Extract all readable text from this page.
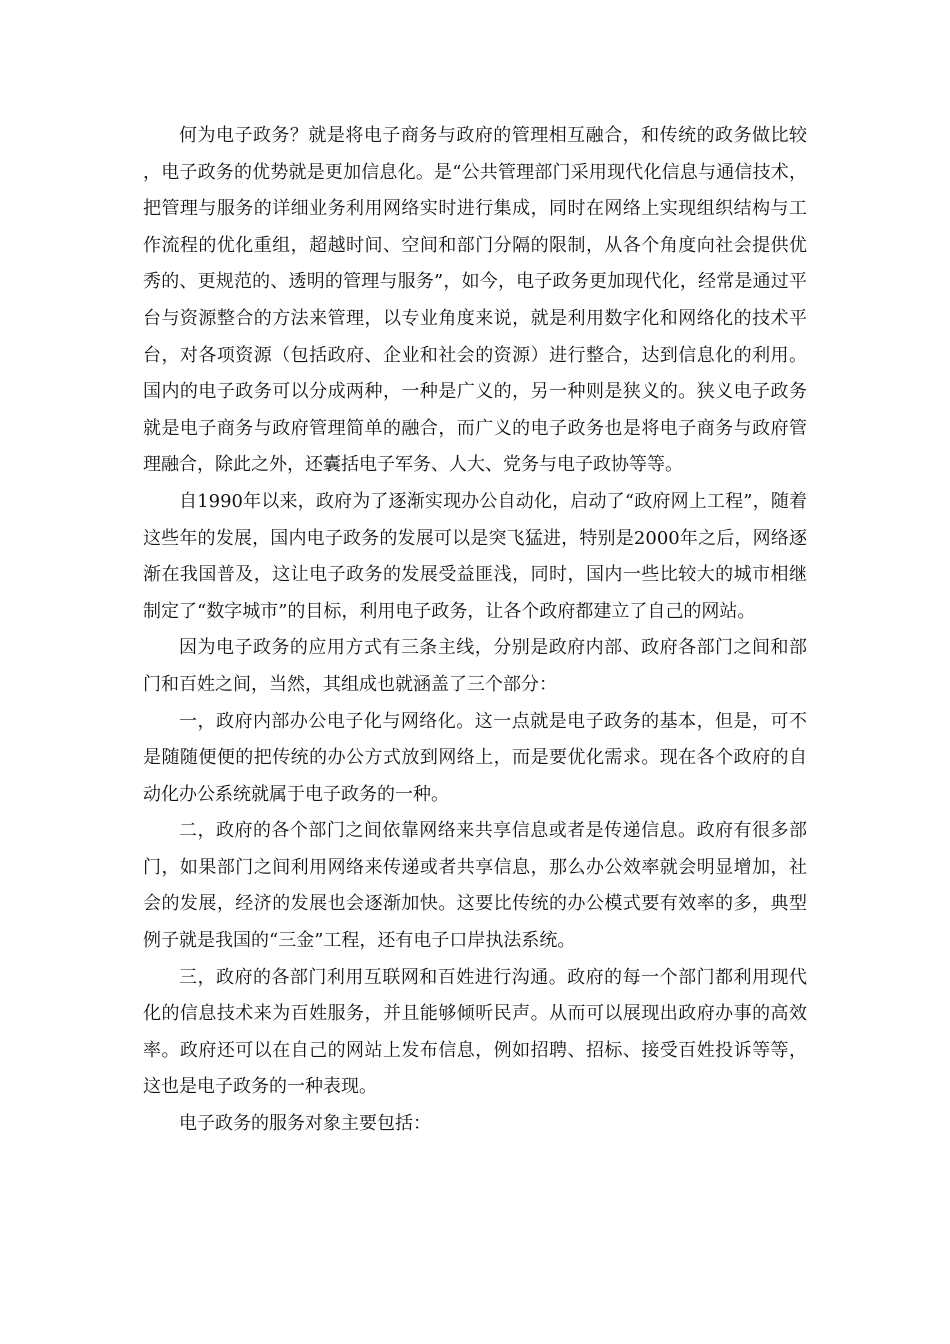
何为电子政务？就是将电子商务与政府的管理相互融合，和传统的政务做比较，电子政务的优势就是更加信息化。是“公共管理部门采用现代化信息与通信技术，把管理与服务的详细业务利用网络实时进行集成，同时在网络上实现组织结构与工作流程的优化重组，超越时间、空间和部门分隔的限制，从各个角度向社会提供优秀的、更规范的、透明的管理与服务”，如今，电子政务更加现代化，经常是通过平台与资源整合的方法来管理，以专业角度来说，就是利用数字化和网络化的技术平台，对各项资源（包括政府、企业和社会的资源）进行整合，达到信息化的利用。国内的电子政务可以分成两种，一种是广义的，另一种则是狭义的。狭义电子政务就是电子商务与政府管理简单的融合，而广义的电子政务也是将电子商务与政府管理融合，除此之外，还囊括电子军务、人大、党务与电子政协等等。

自1990年以来，政府为了逐渐实现办公自动化，启动了“政府网上工程”，随着这些年的发展，国内电子政务的发展可以是突飞猛进，特别是2000年之后，网络逐渐在我国普及，这让电子政务的发展受益匪浅，同时，国内一些比较大的城市相继制定了“数字城市”的目标，利用电子政务，让各个政府都建立了自己的网站。

因为电子政务的应用方式有三条主线，分别是政府内部、政府各部门之间和部门和百姓之间，当然，其组成也就涵盖了三个部分：

一，政府内部办公电子化与网络化。这一点就是电子政务的基本，但是，可不是随随便便的把传统的办公方式放到网络上，而是要优化需求。现在各个政府的自动化办公系统就属于电子政务的一种。

二，政府的各个部门之间依靠网络来共享信息或者是传递信息。政府有很多部门，如果部门之间利用网络来传递或者共享信息，那么办公效率就会明显增加，社会的发展，经济的发展也会逐渐加快。这要比传统的办公模式要有效率的多，典型例子就是我国的“三金”工程，还有电子口岸执法系统。

三，政府的各部门利用互联网和百姓进行沟通。政府的每一个部门都利用现代化的信息技术来为百姓服务，并且能够倾听民声。从而可以展现出政府办事的高效率。政府还可以在自己的网站上发布信息，例如招聘、招标、接受百姓投诉等等，这也是电子政务的一种表现。

电子政务的服务对象主要包括：
